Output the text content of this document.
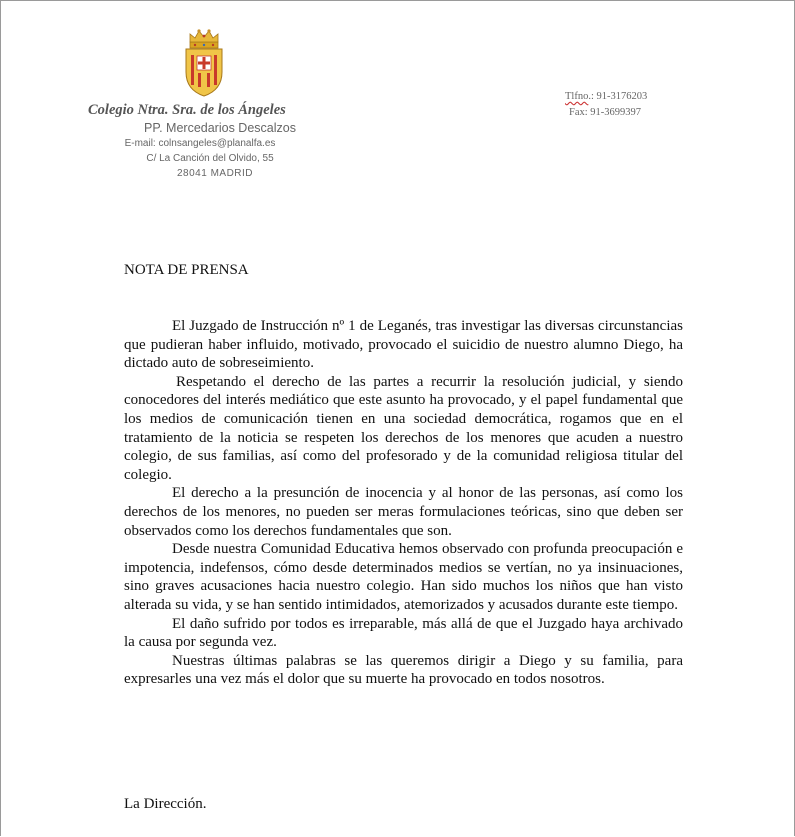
Colegio Ntra. Sra. de los Ángeles
PP. Mercedarios Descalzos
E-mail: colnsangeles@planalfa.es
C/ La Canción del Olvido, 55
28041 MADRID
Tlfno.: 91-3176203
Fax: 91-3699397
NOTA DE PRENSA

El Juzgado de Instrucción nº 1 de Leganés, tras investigar las diversas circunstancias que pudieran haber influido, motivado, provocado el suicidio de nuestro alumno Diego, ha dictado auto de sobreseimiento.

Respetando el derecho de las partes a recurrir la resolución judicial, y siendo conocedores del interés mediático que este asunto ha provocado, y el papel fundamental que los medios de comunicación tienen en una sociedad democrática, rogamos que en el tratamiento de la noticia se respeten los derechos de los menores que acuden a nuestro colegio, de sus familias, así como del profesorado y de la comunidad religiosa titular del colegio.

El derecho a la presunción de inocencia y al honor de las personas, así como los derechos de los menores, no pueden ser meras formulaciones teóricas, sino que deben ser observados como los derechos fundamentales que son.

Desde nuestra Comunidad Educativa hemos observado con profunda preocupación e impotencia, indefensos, cómo desde determinados medios se vertían, no ya insinuaciones, sino graves acusaciones hacia nuestro colegio. Han sido muchos los niños que han visto alterada su vida, y se han sentido intimidados, atemorizados y acusados durante este tiempo.

El daño sufrido por todos es irreparable, más allá de que el Juzgado haya archivado la causa por segunda vez.

Nuestras últimas palabras se las queremos dirigir a Diego y su familia, para expresarles una vez más el dolor que su muerte ha provocado en todos nosotros.

La Dirección.
